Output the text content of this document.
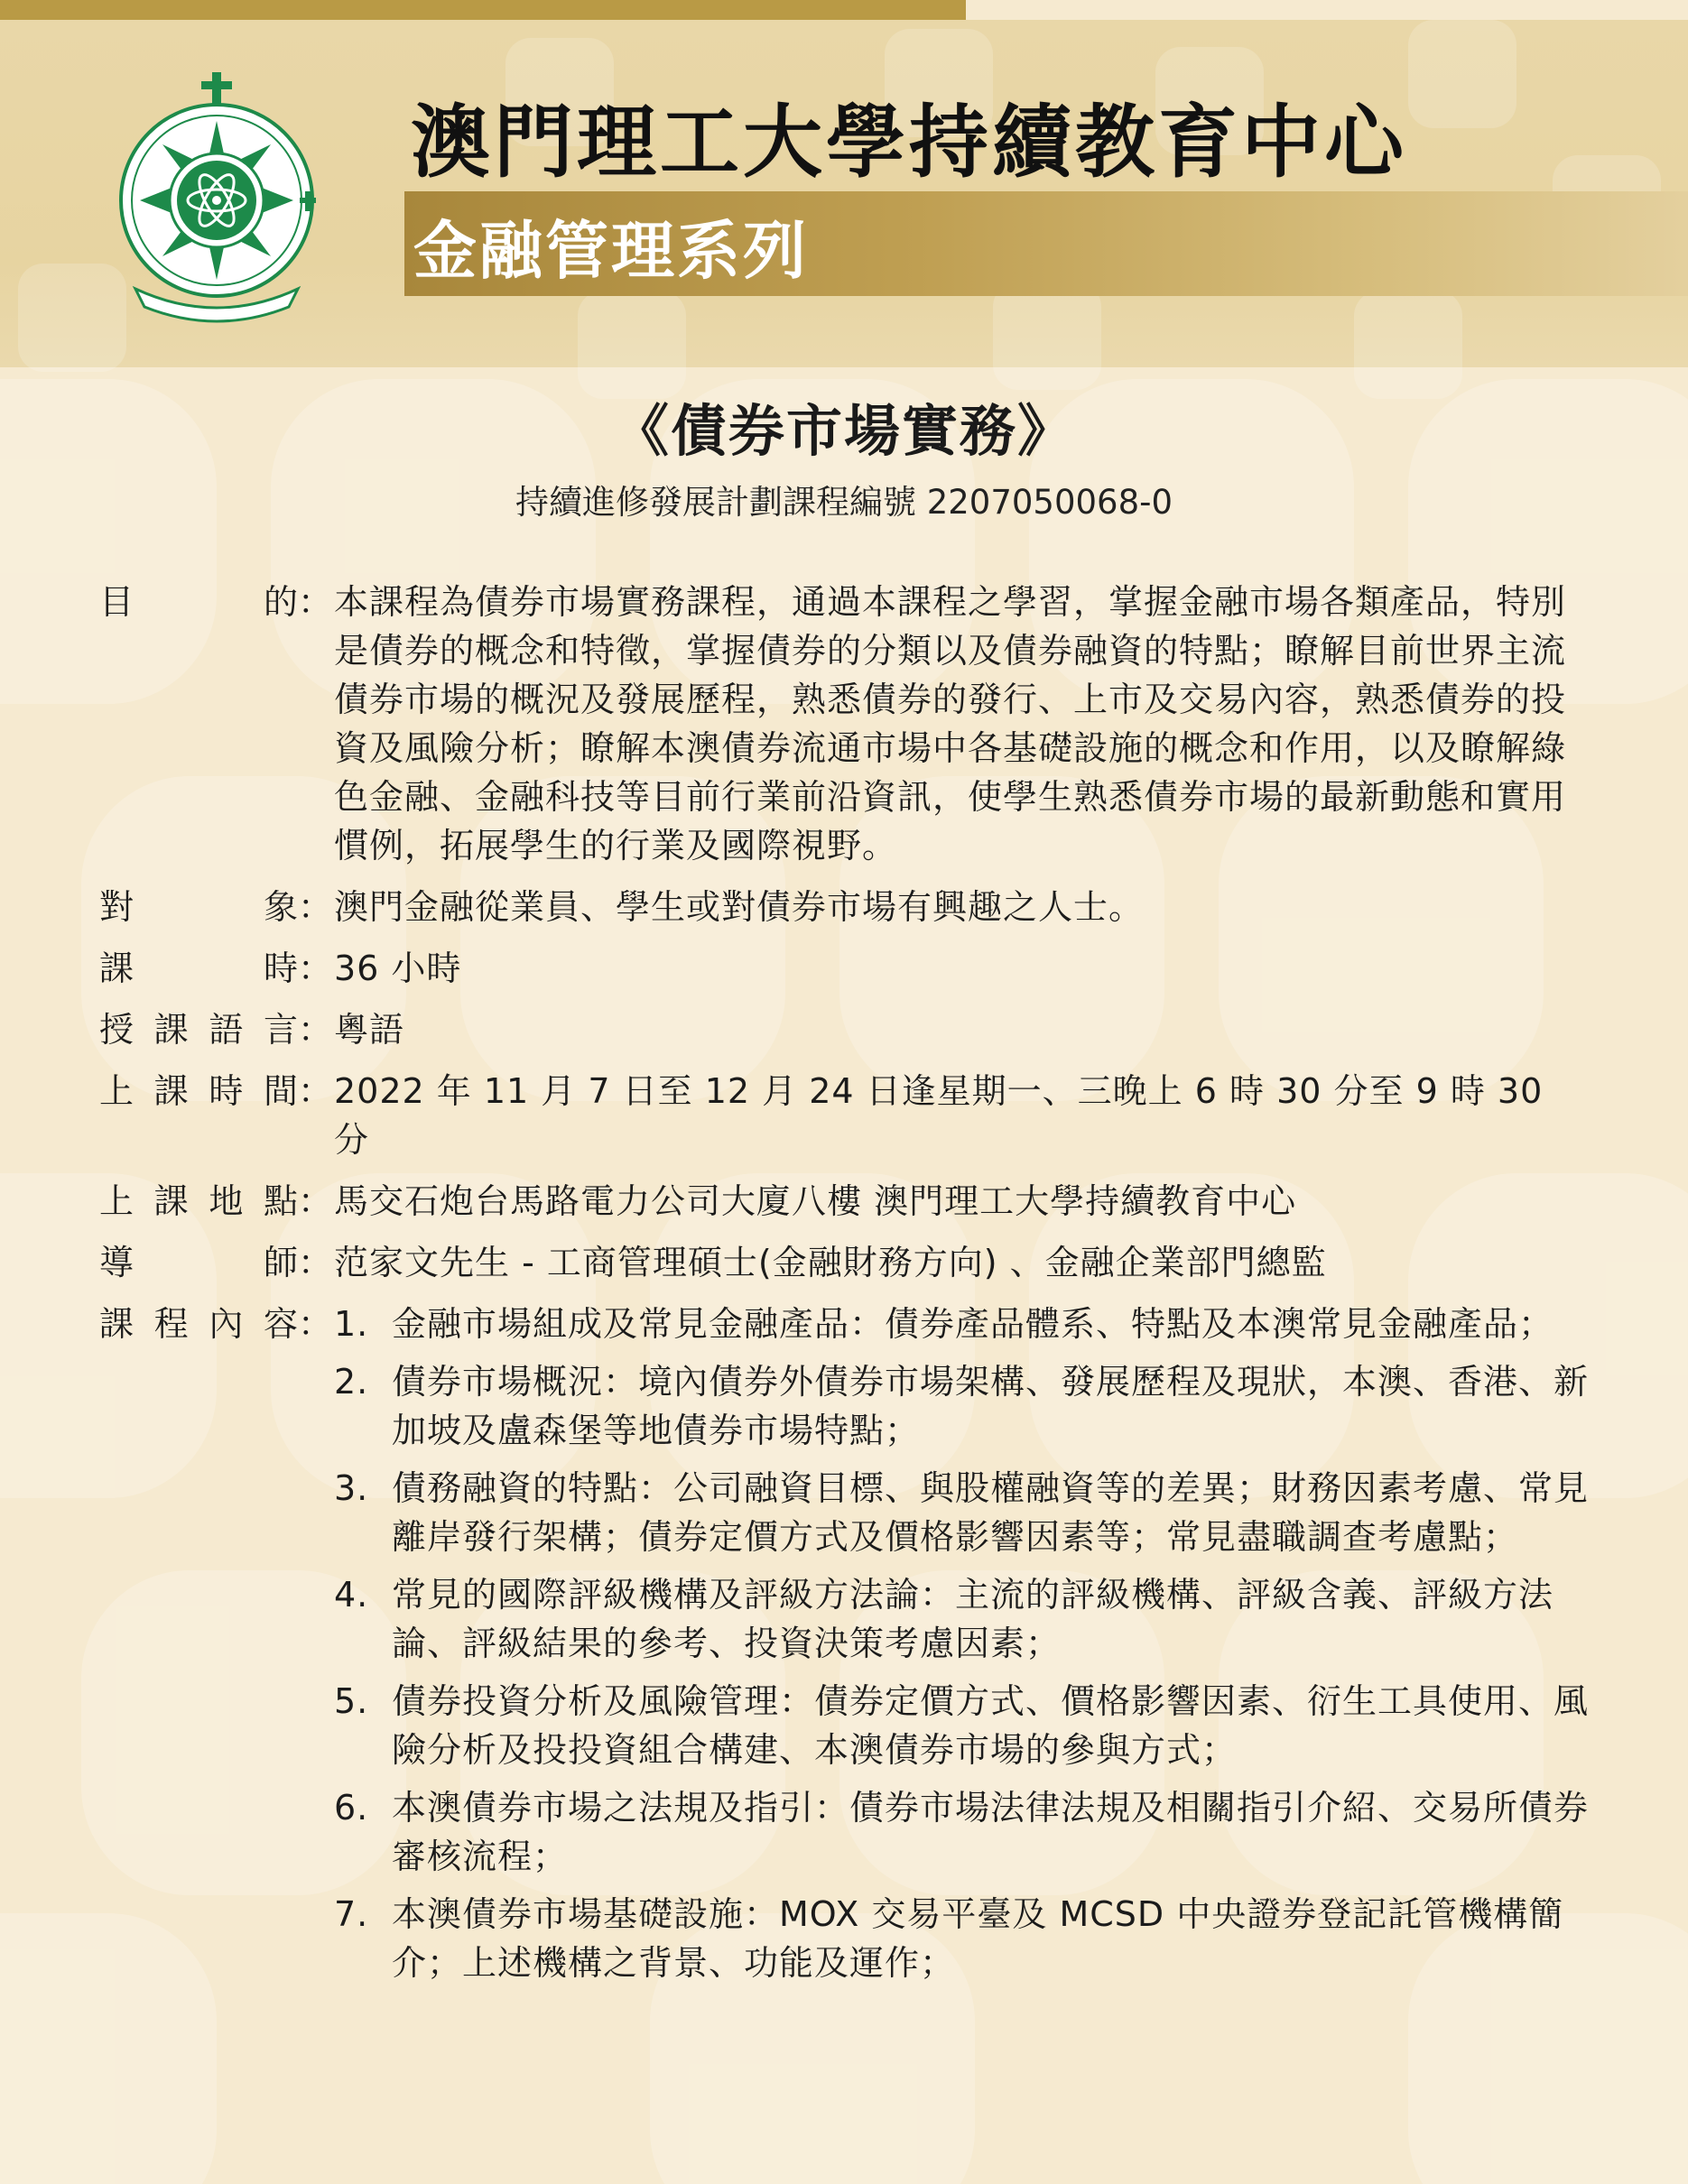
澳門理工大學持續教育中心
金融管理系列
《債券市場實務》
持續進修發展計劃課程編號 2207050068-0
目的 ： 本課程為債券市場實務課程，通過本課程之學習，掌握金融市場各類產品，特別是債券的概念和特徵，掌握債券的分類以及債券融資的特點；瞭解目前世界主流債券市場的概況及發展歷程，熟悉債券的發行、上市及交易內容，熟悉債券的投資及風險分析；瞭解本澳債券流通市場中各基礎設施的概念和作用，以及瞭解綠色金融、金融科技等目前行業前沿資訊，使學生熟悉債券市場的最新動態和實用慣例，拓展學生的行業及國際視野。
對象 ： 澳門金融從業員、學生或對債券市場有興趣之人士。
課時 ： 36 小時
授課語言 ： 粵語
上課時間 ： 2022 年 11 月 7 日至 12 月 24 日逢星期一、三晚上 6 時 30 分至 9 時 30 分
上課地點 ： 馬交石炮台馬路電力公司大廈八樓 澳門理工大學持續教育中心
導師 ： 范家文先生 - 工商管理碩士(金融財務方向) 、金融企業部門總監
課程內容 ： 1. 金融市場組成及常見金融產品：債券產品體系、特點及本澳常見金融產品；
2. 債券市場概況：境內債券外債券市場架構、發展歷程及現狀，本澳、香港、新加坡及盧森堡等地債券市場特點；
3. 債務融資的特點：公司融資目標、與股權融資等的差異；財務因素考慮、常見離岸發行架構；債券定價方式及價格影響因素等；常見盡職調查考慮點；
4. 常見的國際評級機構及評級方法論：主流的評級機構、評級含義、評級方法論、評級結果的參考、投資決策考慮因素；
5. 債券投資分析及風險管理：債券定價方式、價格影響因素、衍生工具使用、風險分析及投投資組合構建、本澳債券市場的參與方式；
6. 本澳債券市場之法規及指引：債券市場法律法規及相關指引介紹、交易所債券審核流程；
7. 本澳債券市場基礎設施：MOX 交易平臺及 MCSD 中央證券登記託管機構簡介；上述機構之背景、功能及運作；
